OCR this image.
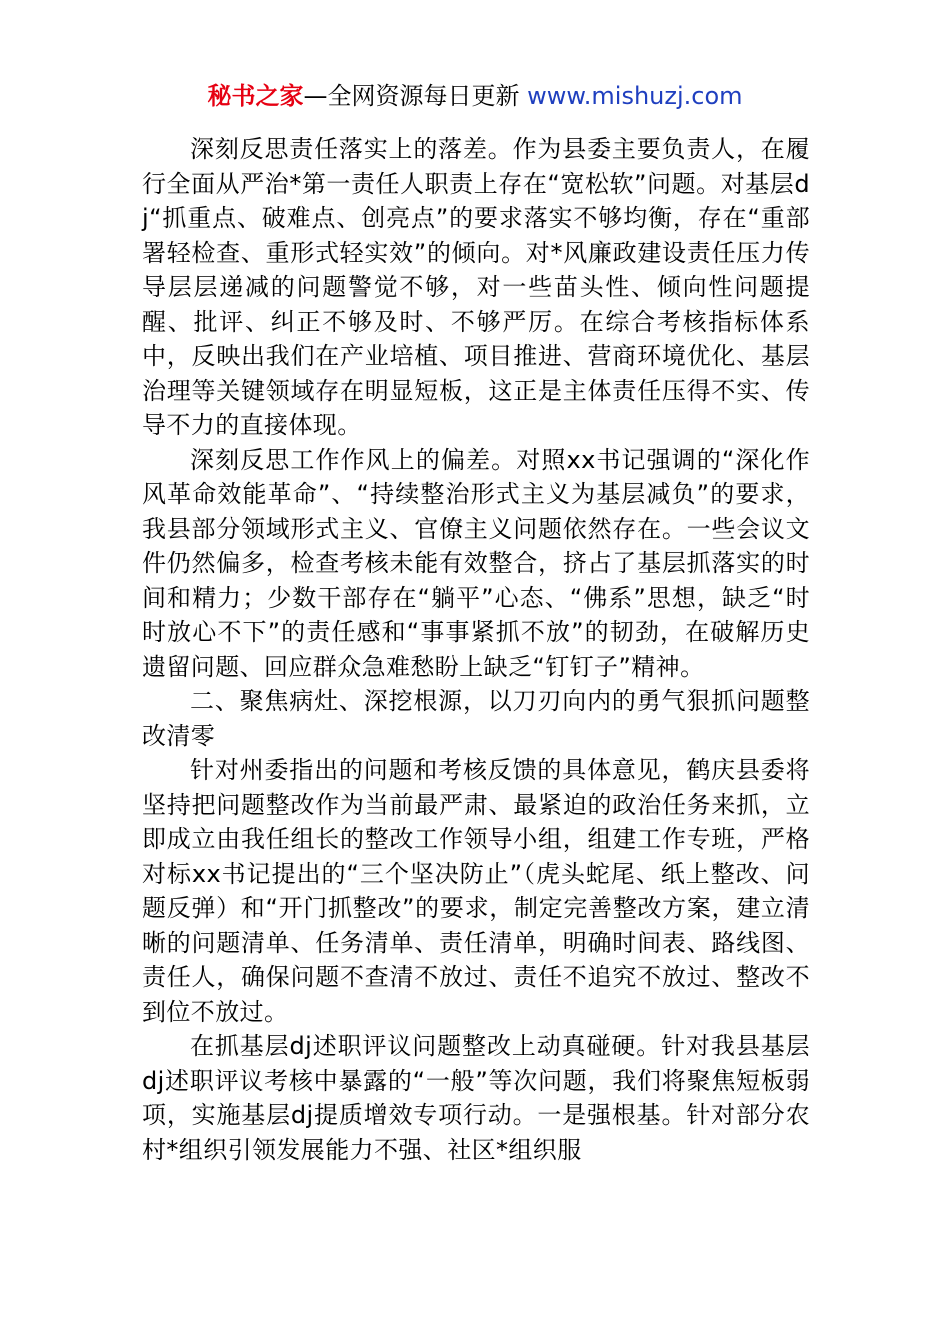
秘书之家—全网资源每日更新 www.mishuzj.com

深刻反思责任落实上的落差。作为县委主要负责人，在履行全面从严治*第一责任人职责上存在“宽松软”问题。对基层dj“抓重点、破难点、创亮点”的要求落实不够均衡，存在“重部署轻检查、重形式轻实效”的倾向。对*风廉政建设责任压力传导层层递减的问题警觉不够，对一些苗头性、倾向性问题提醒、批评、纠正不够及时、不够严厉。在综合考核指标体系中，反映出我们在产业培植、项目推进、营商环境优化、基层治理等关键领域存在明显短板，这正是主体责任压得不实、传导不力的直接体现。

深刻反思工作作风上的偏差。对照xx书记强调的“深化作风革命效能革命”、“持续整治形式主义为基层减负”的要求，我县部分领域形式主义、官僚主义问题依然存在。一些会议文件仍然偏多，检查考核未能有效整合，挤占了基层抓落实的时间和精力；少数干部存在“躺平”心态、“佛系”思想，缺乏“时时放心不下”的责任感和“事事紧抓不放”的韧劲，在破解历史遗留问题、回应群众急难愁盼上缺乏“钉钉子”精神。

二、聚焦病灶、深挖根源，以刀刃向内的勇气狠抓问题整改清零

针对州委指出的问题和考核反馈的具体意见，鹤庆县委将坚持把问题整改作为当前最严肃、最紧迫的政治任务来抓，立即成立由我任组长的整改工作领导小组，组建工作专班，严格对标xx书记提出的“三个坚决防止”（虎头蛇尾、纸上整改、问题反弹）和“开门抓整改”的要求，制定完善整改方案，建立清晰的问题清单、任务清单、责任清单，明确时间表、路线图、责任人，确保问题不查清不放过、责任不追究不放过、整改不到位不放过。

在抓基层dj述职评议问题整改上动真碰硬。针对我县基层dj述职评议考核中暴露的“一般”等次问题，我们将聚焦短板弱项，实施基层dj提质增效专项行动。一是强根基。针对部分农村*组织引领发展能力不强、社区*组织服
